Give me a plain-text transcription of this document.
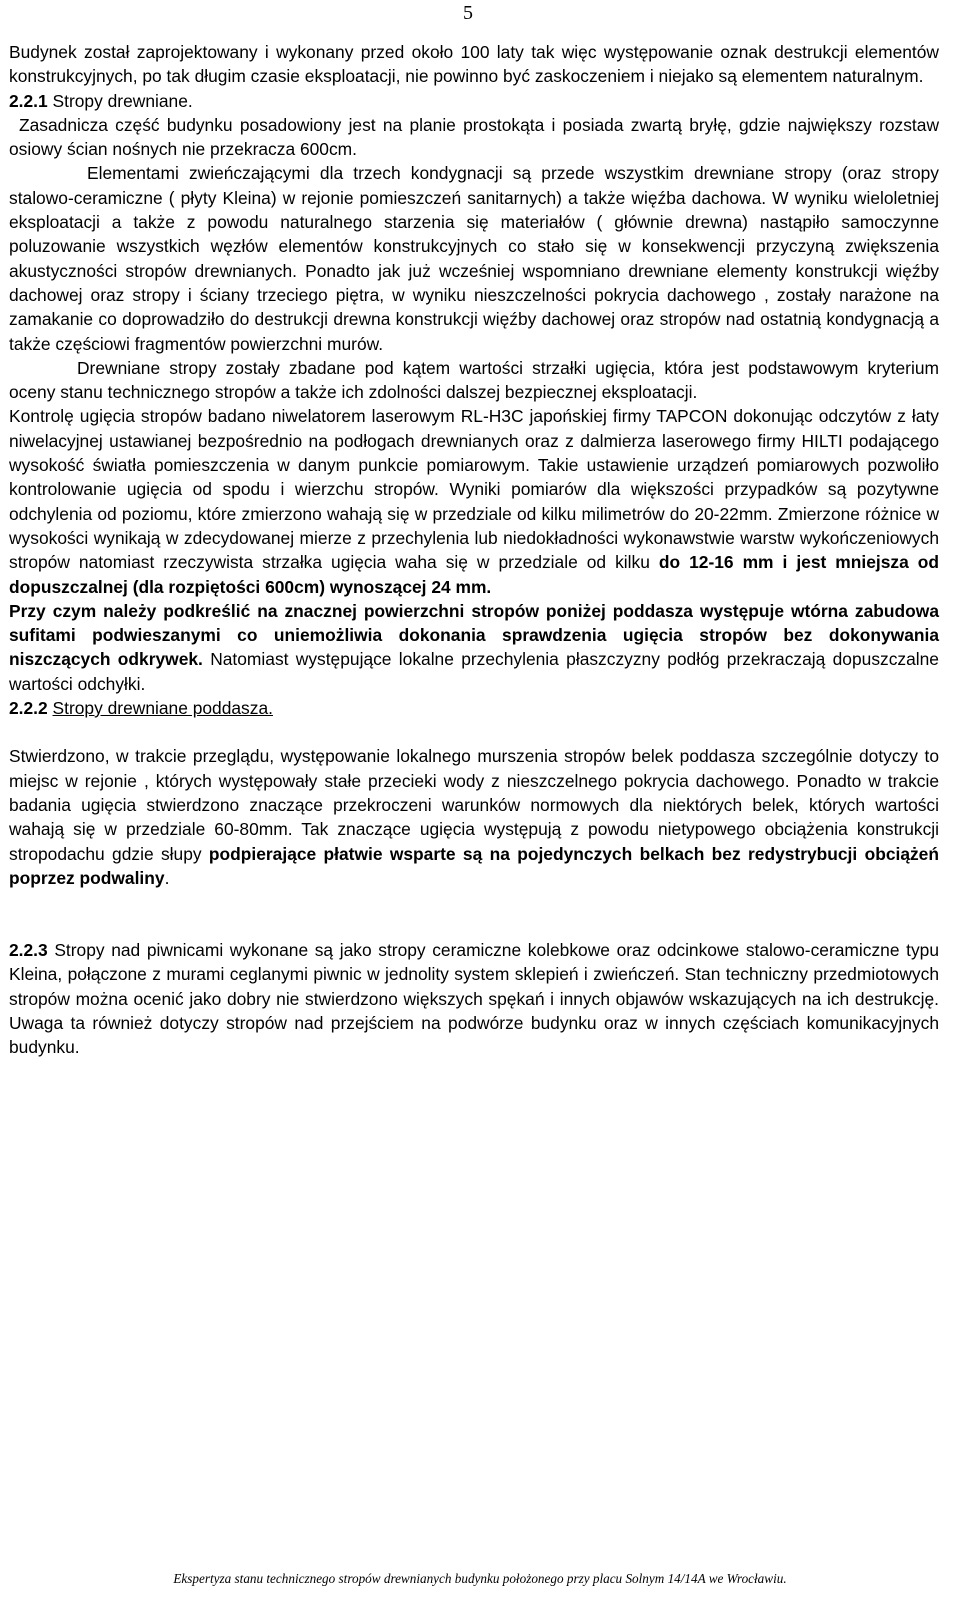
5

Budynek został zaprojektowany i wykonany przed około 100 laty tak więc występowanie oznak destrukcji elementów konstrukcyjnych, po tak długim czasie eksploatacji, nie powinno być zaskoczeniem i niejako są elementem naturalnym.

2.2.1 Stropy drewniane.

Zasadnicza część budynku posadowiony jest na planie prostokąta i posiada zwartą bryłę, gdzie największy rozstaw osiowy ścian nośnych nie przekracza 600cm.

Elementami zwieńczającymi dla trzech kondygnacji są przede wszystkim drewniane stropy (oraz stropy stalowo-ceramiczne ( płyty Kleina) w rejonie pomieszczeń sanitarnych) a także więźba dachowa. W wyniku wieloletniej eksploatacji a także z powodu naturalnego starzenia się materiałów ( głównie drewna) nastąpiło samoczynne poluzowanie wszystkich węzłów elementów konstrukcyjnych co stało się w konsekwencji przyczyną zwiększenia akustyczności stropów drewnianych. Ponadto jak już wcześniej wspomniano drewniane elementy konstrukcji więźby dachowej oraz stropy i ściany trzeciego piętra, w wyniku nieszczelności pokrycia dachowego , zostały narażone na zamakanie co doprowadziło do destrukcji drewna konstrukcji więźby dachowej oraz stropów nad ostatnią kondygnacją a także częściowi fragmentów powierzchni murów.

Drewniane stropy zostały zbadane pod kątem wartości strzałki ugięcia, która jest podstawowym kryterium oceny stanu technicznego stropów a także ich zdolności dalszej bezpiecznej eksploatacji.

Kontrolę ugięcia stropów badano niwelatorem laserowym RL-H3C japońskiej firmy TAPCON dokonując odczytów z łaty niwelacyjnej ustawianej bezpośrednio na podłogach drewnianych oraz z dalmierza laserowego firmy HILTI podającego wysokość światła pomieszczenia w danym punkcie pomiarowym. Takie ustawienie urządzeń pomiarowych pozwoliło kontrolowanie ugięcia od spodu i wierzchu stropów. Wyniki pomiarów dla większości przypadków są pozytywne odchylenia od poziomu, które zmierzono wahają się w przedziale od kilku milimetrów do 20-22mm. Zmierzone różnice w wysokości wynikają w zdecydowanej mierze z przechylenia lub niedokładności wykonawstwie warstw wykończeniowych stropów natomiast rzeczywista strzałka ugięcia waha się w przedziale od kilku do 12-16 mm i jest mniejsza od dopuszczalnej (dla rozpiętości 600cm) wynoszącej 24 mm.

Przy czym należy podkreślić na znacznej powierzchni stropów poniżej poddasza występuje wtórna zabudowa sufitami podwieszanymi co uniemożliwia dokonania sprawdzenia ugięcia stropów bez dokonywania niszczących odkrywek. Natomiast występujące lokalne przechylenia płaszczyzny podłóg przekraczają dopuszczalne wartości odchyłki.

2.2.2 Stropy drewniane poddasza.

Stwierdzono, w trakcie przeglądu, występowanie lokalnego murszenia stropów belek poddasza szczególnie dotyczy to miejsc w rejonie , których występowały stałe przecieki wody z nieszczelnego pokrycia dachowego. Ponadto w trakcie badania ugięcia stwierdzono znaczące przekroczeni warunków normowych dla niektórych belek, których wartości wahają się w przedziale 60-80mm. Tak znaczące ugięcia występują z powodu nietypowego obciążenia konstrukcji stropodachu gdzie słupy podpierające płatwie wsparte są na pojedynczych belkach bez redystrybucji obciążeń poprzez podwaliny.

2.2.3 Stropy nad piwnicami wykonane są jako stropy ceramiczne kolebkowe oraz odcinkowe stalowo-ceramiczne typu Kleina, połączone z murami ceglanymi piwnic w jednolity system sklepień i zwieńczeń. Stan techniczny przedmiotowych stropów można ocenić jako dobry nie stwierdzono większych spękań i innych objawów wskazujących na ich destrukcję. Uwaga ta również dotyczy stropów nad przejściem na podwórze budynku oraz w innych częściach komunikacyjnych budynku.

Ekspertyza stanu technicznego stropów drewnianych budynku położonego przy placu Solnym 14/14A we Wrocławiu.
